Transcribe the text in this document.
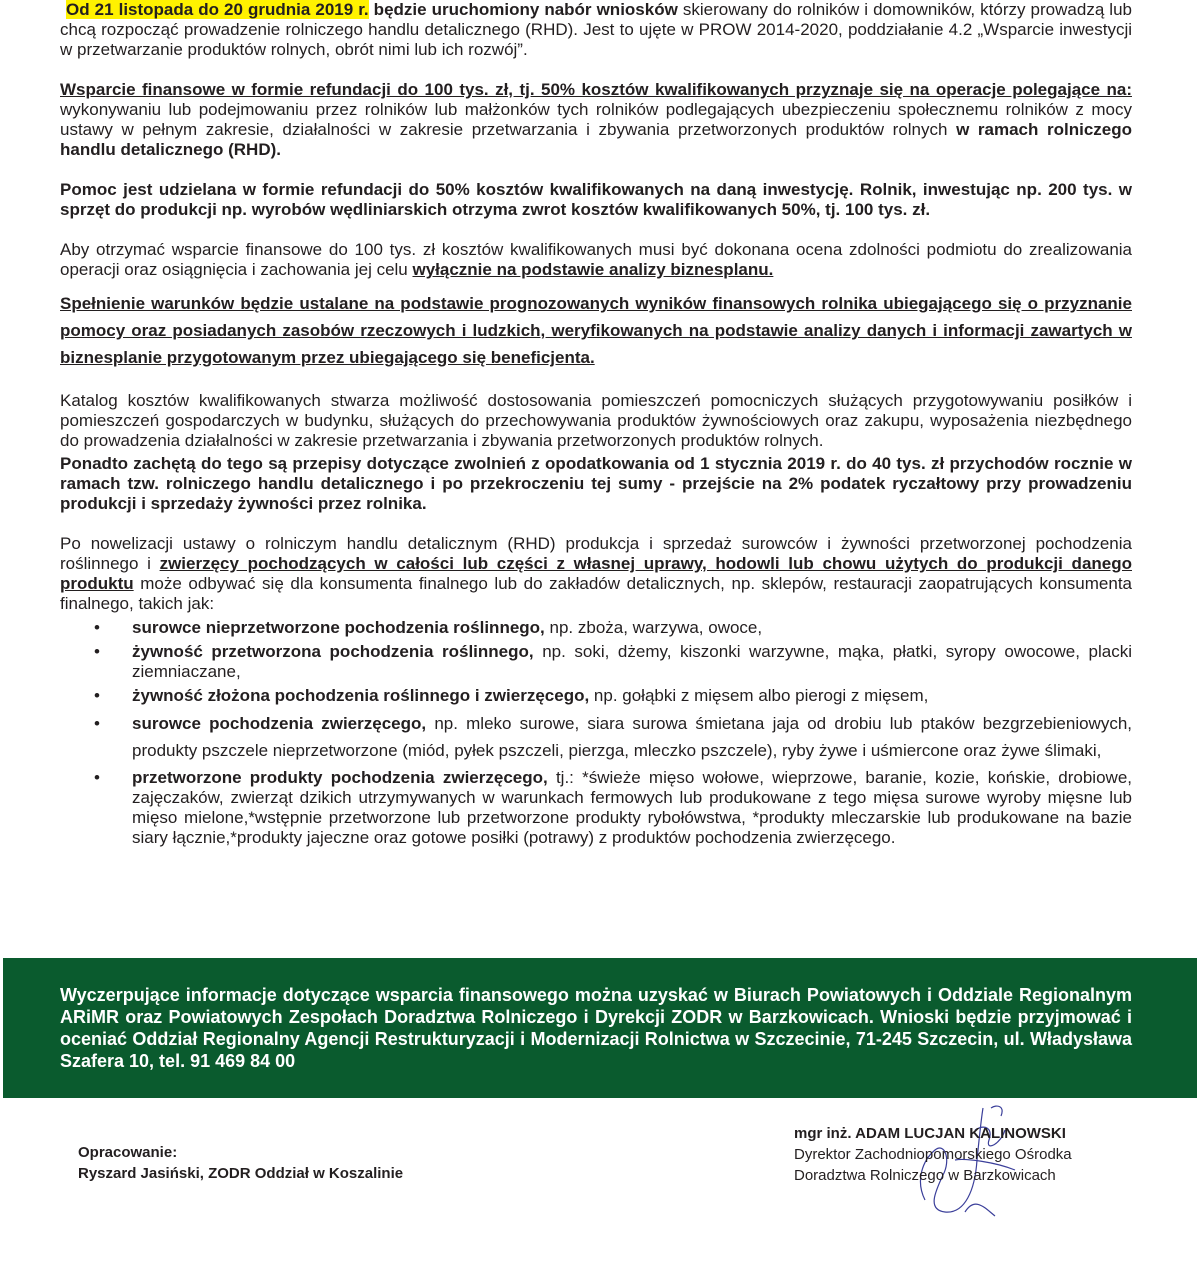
Od 21 listopada do 20 grudnia 2019 r. będzie uruchomiony nabór wniosków skierowany do rolników i domowników, którzy prowadzą lub chcą rozpocząć prowadzenie rolniczego handlu detalicznego (RHD). Jest to ujęte w PROW 2014-2020, poddziałanie 4.2 „Wsparcie inwestycji w przetwarzanie produktów rolnych, obrót nimi lub ich rozwój”.

Wsparcie finansowe w formie refundacji do 100 tys. zł, tj. 50% kosztów kwalifikowanych przyznaje się na operacje polegające na: wykonywaniu lub podejmowaniu przez rolników lub małżonków tych rolników podlegających ubezpieczeniu społecznemu rolników z mocy ustawy w pełnym zakresie, działalności w zakresie przetwarzania i zbywania przetworzonych produktów rolnych w ramach rolniczego handlu detalicznego (RHD).

Pomoc jest udzielana w formie refundacji do 50% kosztów kwalifikowanych na daną inwestycję. Rolnik, inwestując np. 200 tys. w sprzęt do produkcji np. wyrobów wędliniarskich otrzyma zwrot kosztów kwalifikowanych 50%, tj. 100 tys. zł.

Aby otrzymać wsparcie finansowe do 100 tys. zł kosztów kwalifikowanych musi być dokonana ocena zdolności podmiotu do zrealizowania operacji oraz osiągnięcia i zachowania jej celu wyłącznie na podstawie analizy biznesplanu.

Spełnienie warunków będzie ustalane na podstawie prognozowanych wyników finansowych rolnika ubiegającego się o przyznanie pomocy oraz posiadanych zasobów rzeczowych i ludzkich, weryfikowanych na podstawie analizy danych i informacji zawartych w biznesplanie przygotowanym przez ubiegającego się beneficjenta.

Katalog kosztów kwalifikowanych stwarza możliwość dostosowania pomieszczeń pomocniczych służących przygotowywaniu posiłków i pomieszczeń gospodarczych w budynku, służących do przechowywania produktów żywnościowych oraz zakupu, wyposażenia niezbędnego do prowadzenia działalności w zakresie przetwarzania i zbywania przetworzonych produktów rolnych.

Ponadto zachętą do tego są przepisy dotyczące zwolnień z opodatkowania od 1 stycznia 2019 r. do 40 tys. zł przychodów rocznie w ramach tzw. rolniczego handlu detalicznego i po przekroczeniu tej sumy - przejście na 2% podatek ryczałtowy przy prowadzeniu produkcji i sprzedaży żywności przez rolnika.

Po nowelizacji ustawy o rolniczym handlu detalicznym (RHD) produkcja i sprzedaż surowców i żywności przetworzonej pochodzenia roślinnego i zwierzęcy pochodzących w całości lub części z własnej uprawy, hodowli lub chowu użytych do produkcji danego produktu może odbywać się dla konsumenta finalnego lub do zakładów detalicznych, np. sklepów, restauracji zaopatrujących konsumenta finalnego, takich jak:

• surowce nieprzetworzone pochodzenia roślinnego, np. zboża, warzywa, owoce,
• żywność przetworzona pochodzenia roślinnego, np. soki, dżemy, kiszonki warzywne, mąka, płatki, syropy owocowe, placki ziemniaczane,
• żywność złożona pochodzenia roślinnego i zwierzęcego, np. gołąbki z mięsem albo pierogi z mięsem,
• surowce pochodzenia zwierzęcego, np. mleko surowe, siara surowa śmietana jaja od drobiu lub ptaków bezgrzebieniowych, produkty pszczele nieprzetworzone (miód, pyłek pszczeli, pierzga, mleczko pszczele), ryby żywe i uśmiercone oraz żywe ślimaki,
• przetworzone produkty pochodzenia zwierzęcego, tj.: *świeże mięso wołowe, wieprzowe, baranie, kozie, końskie, drobiowe, zajęczaków, zwierząt dzikich utrzymywanych w warunkach fermowych lub produkowane z tego mięsa surowe wyroby mięsne lub mięso mielone,*wstępnie przetworzone lub przetworzone produkty rybołówstwa, *produkty mleczarskie lub produkowane na bazie siary łącznie,*produkty jajeczne oraz gotowe posiłki (potrawy) z produktów pochodzenia zwierzęcego.

Wyczerpujące informacje dotyczące wsparcia finansowego można uzyskać w Biurach Powiatowych i Oddziale Regionalnym ARiMR oraz Powiatowych Zespołach Doradztwa Rolniczego i Dyrekcji ZODR w Barzkowicach. Wnioski będzie przyjmować i oceniać Oddział Regionalny Agencji Restrukturyzacji i Modernizacji Rolnictwa w Szczecinie, 71-245 Szczecin, ul. Władysława Szafera 10, tel. 91 469 84 00

Opracowanie:
Ryszard Jasiński, ZODR Oddział w Koszalinie
mgr inż. ADAM LUCJAN KALINOWSKI
Dyrektor Zachodniopomorskiego Ośrodka
Doradztwa Rolniczego w Barzkowicach
